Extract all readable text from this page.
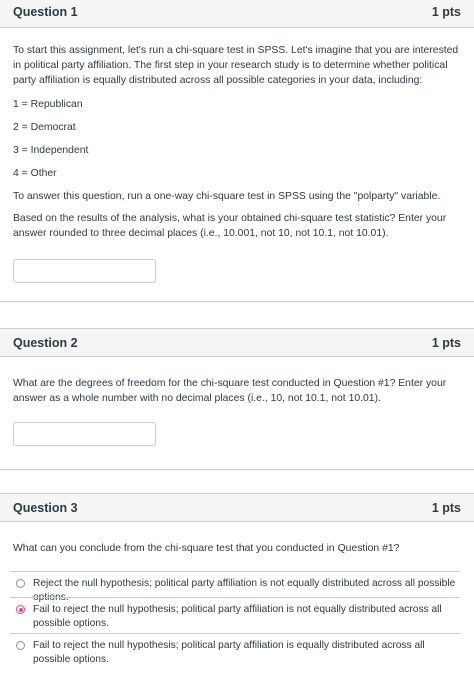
Question 1	1 pts

To start this assignment, let's run a chi-square test in SPSS. Let's imagine that you are interested in political party affiliation. The first step in your research study is to determine whether political party affiliation is equally distributed across all possible categories in your data, including:

1 = Republican

2 = Democrat

3 = Independent

4 = Other

To answer this question, run a one-way chi-square test in SPSS using the "polparty" variable.

Based on the results of the analysis, what is your obtained chi-square test statistic? Enter your answer rounded to three decimal places (i.e., 10.001, not 10, not 10.1, not 10.01).

Question 2	1 pts

What are the degrees of freedom for the chi-square test conducted in Question #1? Enter your answer as a whole number with no decimal places (i.e., 10, not 10.1, not 10.01).

Question 3	1 pts

What can you conclude from the chi-square test that you conducted in Question #1?

Reject the null hypothesis; political party affiliation is not equally distributed across all possible options.
Fail to reject the null hypothesis; political party affiliation is not equally distributed across all possible options.
Fail to reject the null hypothesis; political party affiliation is equally distributed across all possible options.
